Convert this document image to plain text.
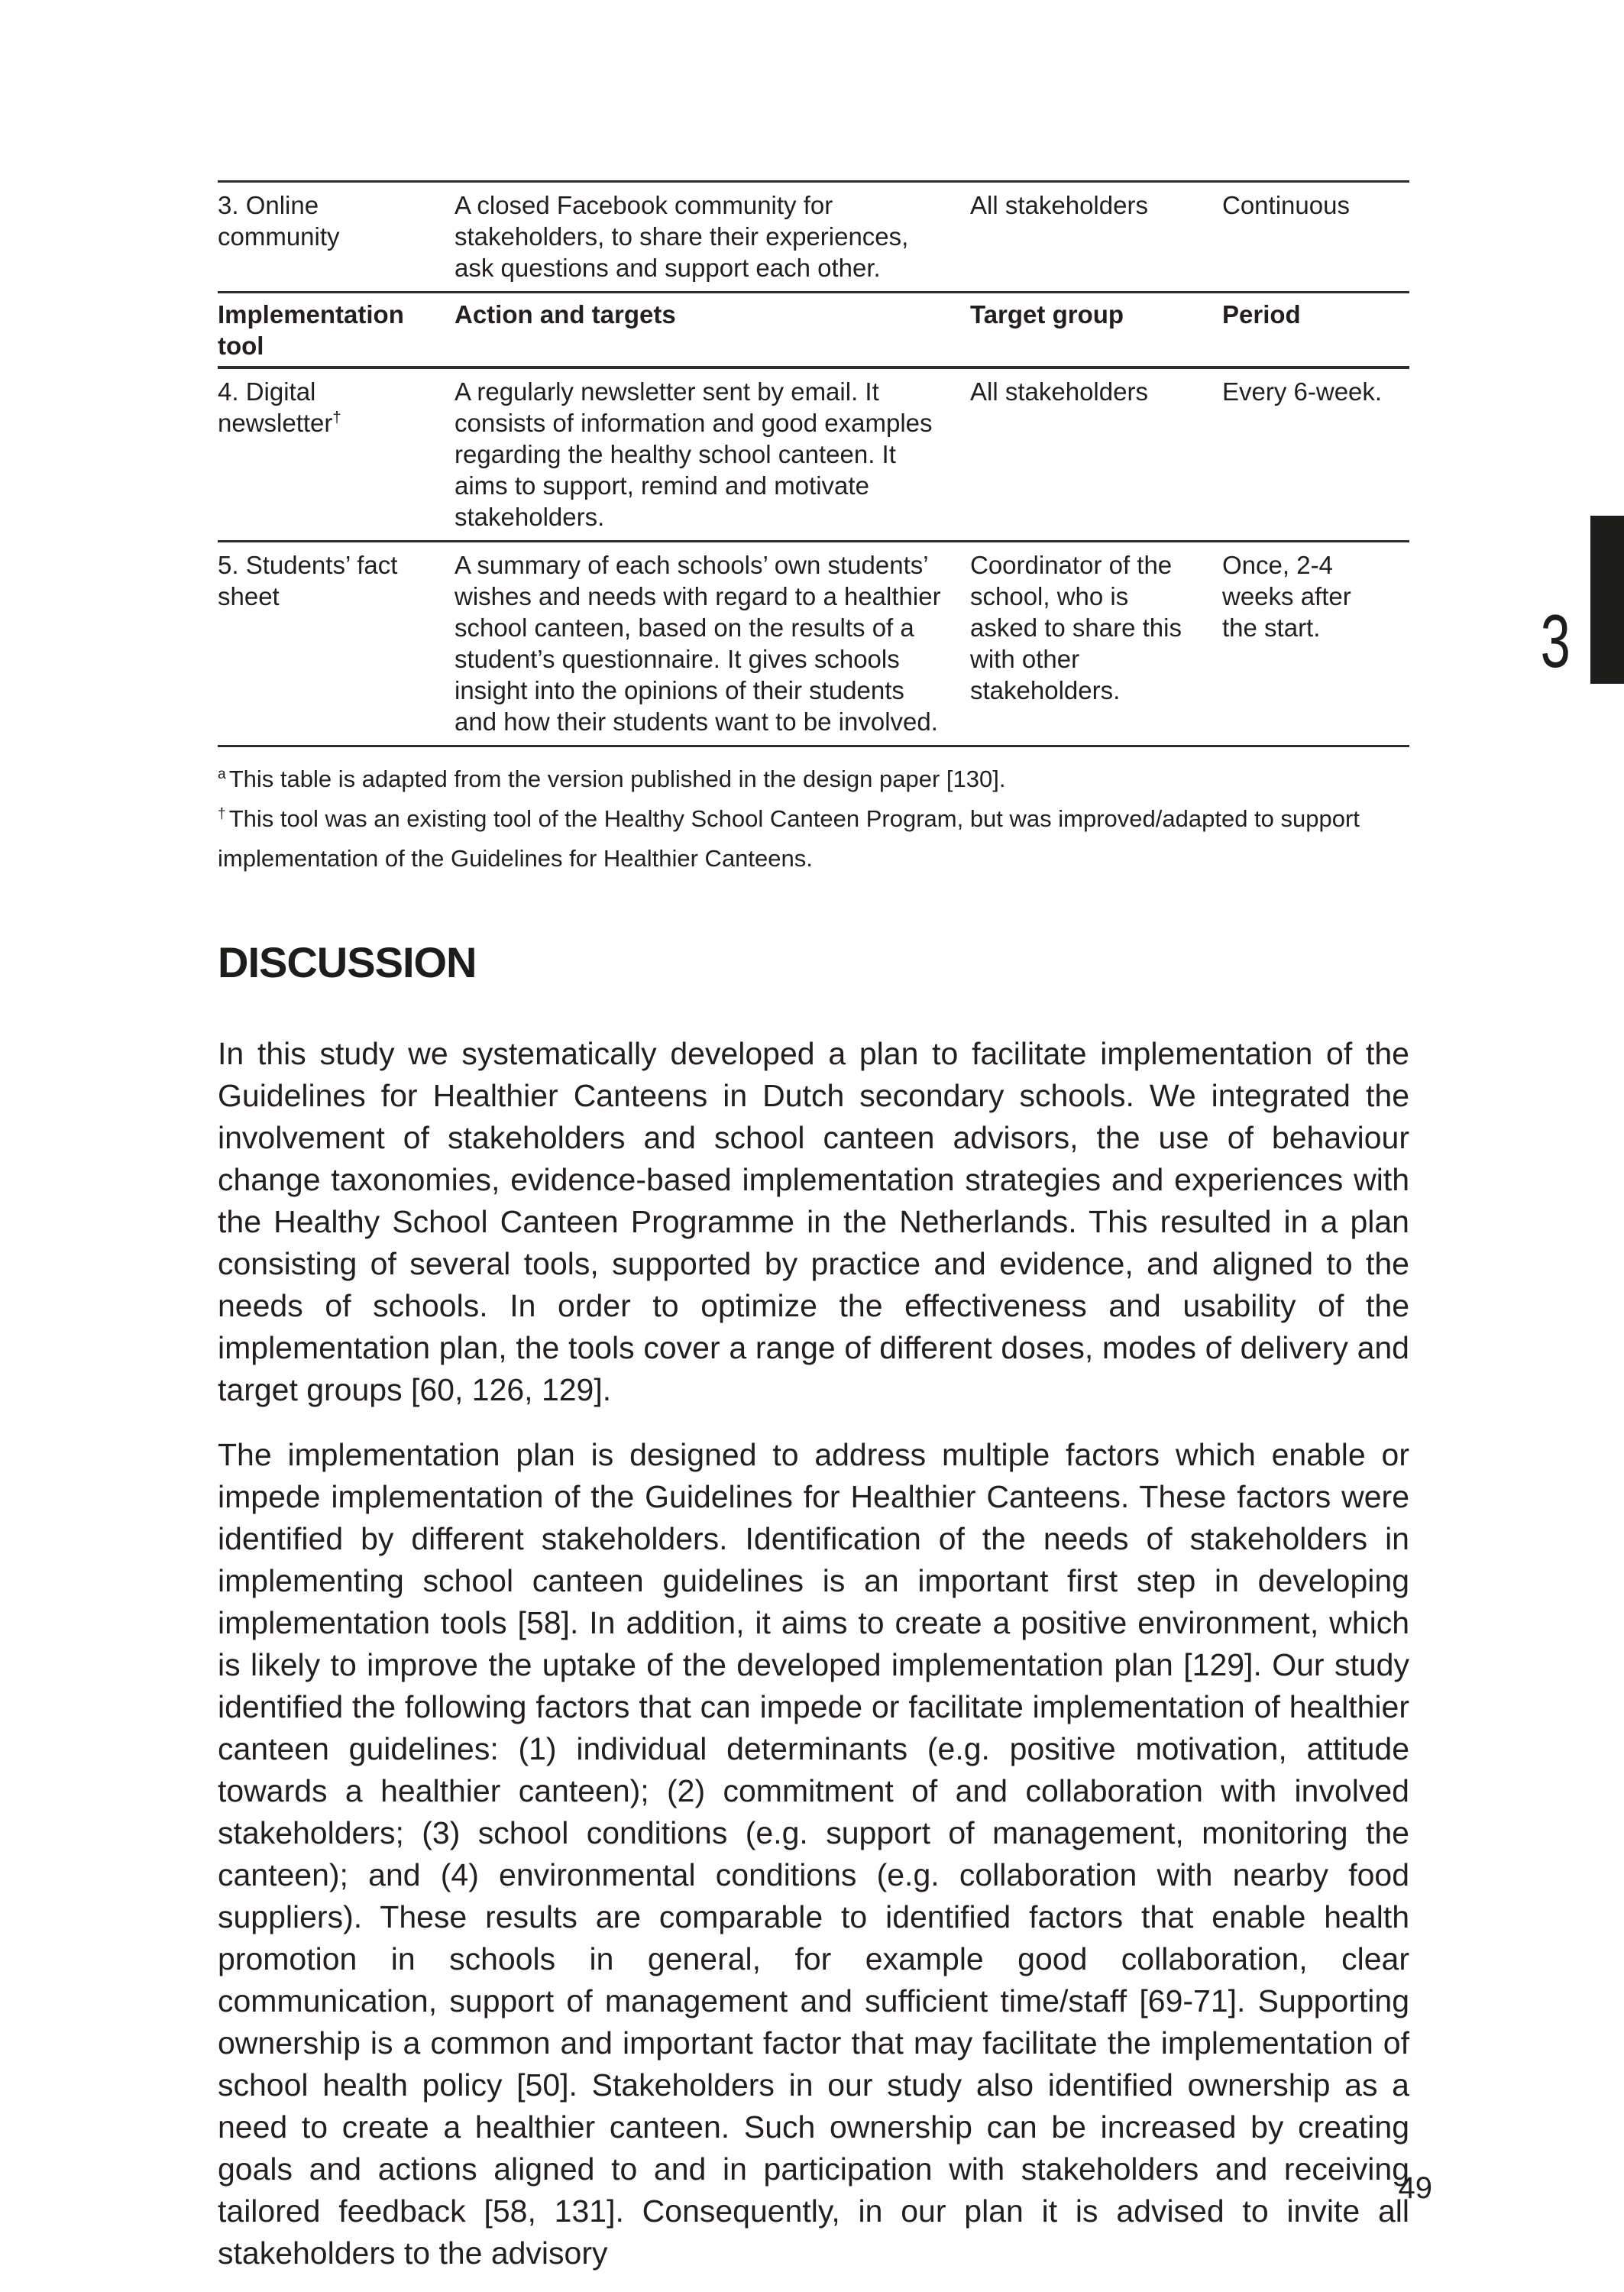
3. Online community	A closed Facebook community for stakeholders, to share their experiences, ask questions and support each other.	All stakeholders	Continuous
Implementation tool	Action and targets	Target group	Period
4. Digital newsletter†	A regularly newsletter sent by email. It consists of information and good examples regarding the healthy school canteen. It aims to support, remind and motivate stakeholders.	All stakeholders	Every 6-week.
5. Students’ fact sheet	A summary of each schools’ own students’ wishes and needs with regard to a healthier school canteen, based on the results of a student’s questionnaire. It gives schools insight into the opinions of their students and how their students want to be involved.	Coordinator of the school, who is asked to share this with other stakeholders.	Once, 2-4 weeks after the start.

$^a$ This table is adapted from the version published in the design paper [130].

† This tool was an existing tool of the Healthy School Canteen Program, but was improved/adapted to support implementation of the Guidelines for Healthier Canteens.

DISCUSSION

In this study we systematically developed a plan to facilitate implementation of the Guidelines for Healthier Canteens in Dutch secondary schools. We integrated the involvement of stakeholders and school canteen advisors, the use of behaviour change taxonomies, evidence-based implementation strategies and experiences with the Healthy School Canteen Programme in the Netherlands. This resulted in a plan consisting of several tools, supported by practice and evidence, and aligned to the needs of schools. In order to optimize the effectiveness and usability of the implementation plan, the tools cover a range of different doses, modes of delivery and target groups [60, 126, 129].

The implementation plan is designed to address multiple factors which enable or impede implementation of the Guidelines for Healthier Canteens. These factors were identified by different stakeholders. Identification of the needs of stakeholders in implementing school canteen guidelines is an important first step in developing implementation tools [58]. In addition, it aims to create a positive environment, which is likely to improve the uptake of the developed implementation plan [129]. Our study identified the following factors that can impede or facilitate implementation of healthier canteen guidelines: (1) individual determinants (e.g. positive motivation, attitude towards a healthier canteen); (2) commitment of and collaboration with involved stakeholders; (3) school conditions (e.g. support of management, monitoring the canteen); and (4) environmental conditions (e.g. collaboration with nearby food suppliers). These results are comparable to identified factors that enable health promotion in schools in general, for example good collaboration, clear communication, support of management and sufficient time/staff [69-71]. Supporting ownership is a common and important factor that may facilitate the implementation of school health policy [50]. Stakeholders in our study also identified ownership as a need to create a healthier canteen. Such ownership can be increased by creating goals and actions aligned to and in participation with stakeholders and receiving tailored feedback [58, 131]. Consequently, in our plan it is advised to invite all stakeholders to the advisory

3
49
